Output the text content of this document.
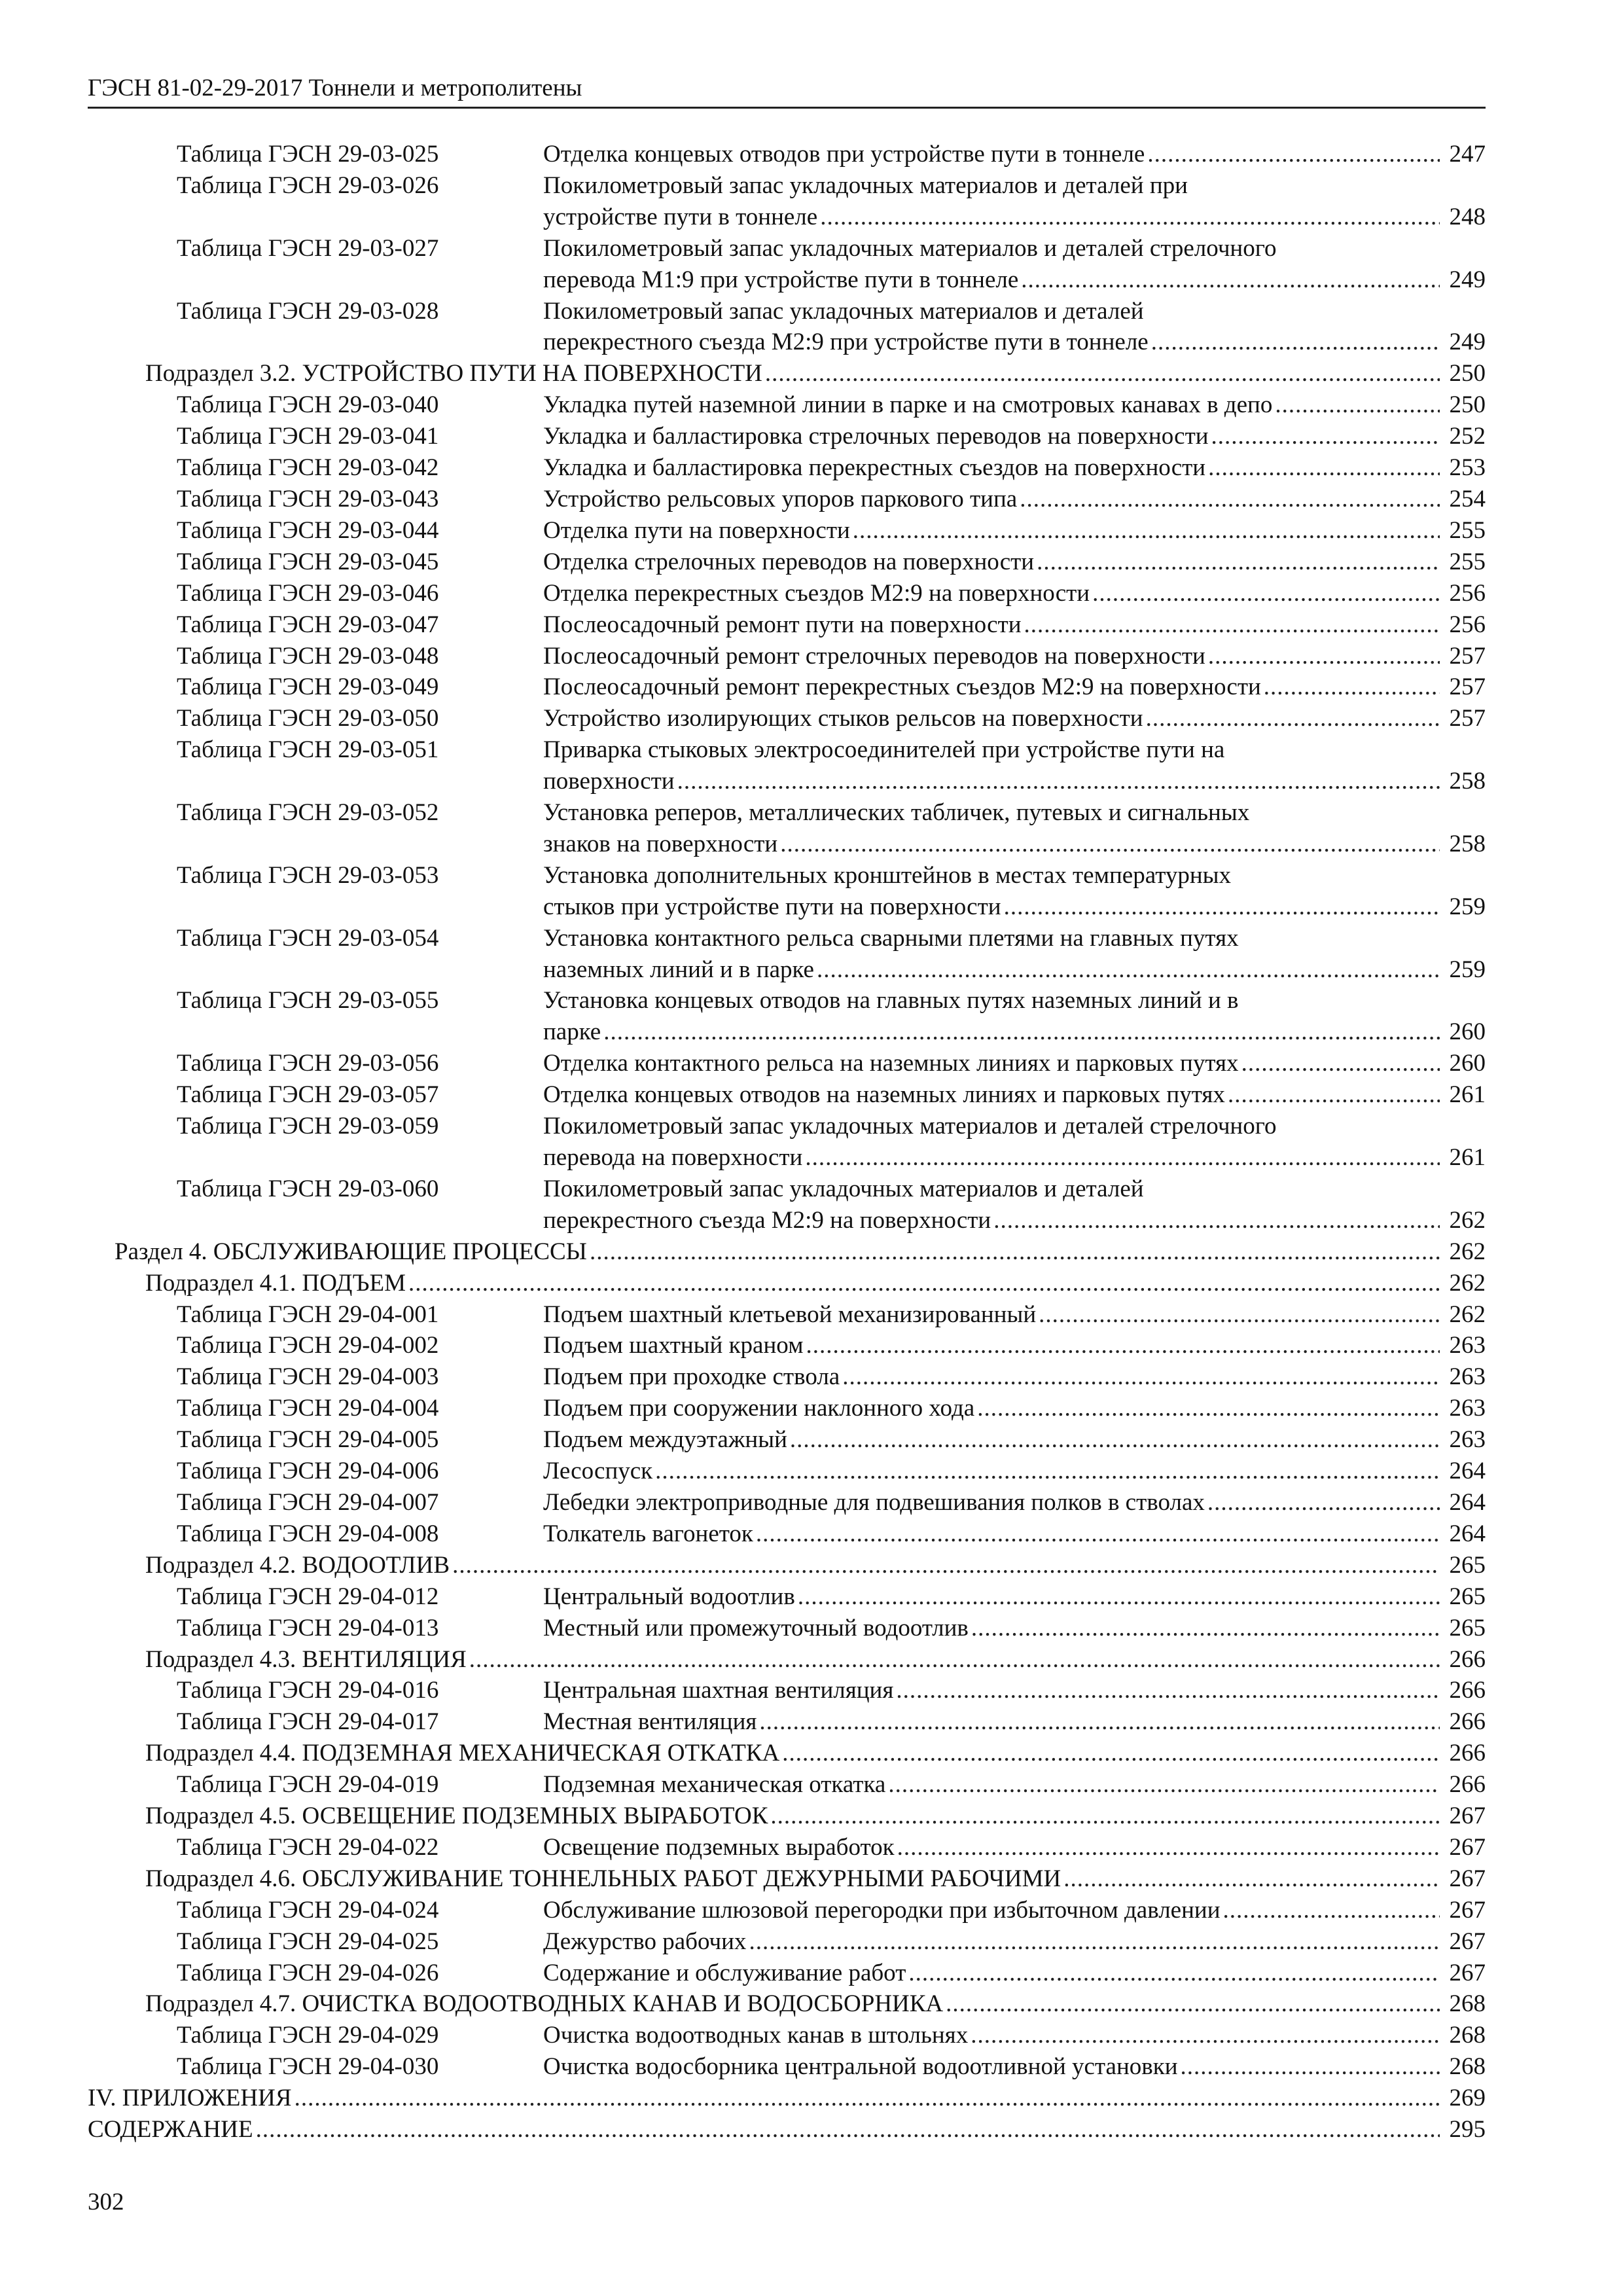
ГЭСН 81-02-29-2017 Тоннели и метрополитены
Таблица ГЭСН 29-03-025	Отделка концевых отводов при устройстве пути в тоннеле .....	247
Таблица ГЭСН 29-03-026	Покилометровый запас укладочных материалов и деталей при
устройстве пути в тоннеле .....	248
Таблица ГЭСН 29-03-027	Покилометровый запас укладочных материалов и деталей стрелочного
перевода М1:9 при устройстве пути в тоннеле .....	249
Таблица ГЭСН 29-03-028	Покилометровый запас укладочных материалов и деталей
перекрестного съезда М2:9 при устройстве пути в тоннеле .....	249
Подраздел 3.2. УСТРОЙСТВО ПУТИ НА ПОВЕРХНОСТИ .....	250
Таблица ГЭСН 29-03-040	Укладка путей наземной линии в парке и на смотровых канавах в депо .....	250
Таблица ГЭСН 29-03-041	Укладка и балластировка стрелочных переводов на поверхности .....	252
Таблица ГЭСН 29-03-042	Укладка и балластировка перекрестных съездов на поверхности .....	253
Таблица ГЭСН 29-03-043	Устройство рельсовых упоров паркового типа .....	254
Таблица ГЭСН 29-03-044	Отделка пути на поверхности .....	255
Таблица ГЭСН 29-03-045	Отделка стрелочных переводов на поверхности .....	255
Таблица ГЭСН 29-03-046	Отделка перекрестных съездов М2:9 на поверхности .....	256
Таблица ГЭСН 29-03-047	Послеосадочный ремонт пути на поверхности .....	256
Таблица ГЭСН 29-03-048	Послеосадочный ремонт стрелочных переводов на поверхности .....	257
Таблица ГЭСН 29-03-049	Послеосадочный ремонт перекрестных съездов М2:9 на поверхности .....	257
Таблица ГЭСН 29-03-050	Устройство изолирующих стыков рельсов на поверхности .....	257
Таблица ГЭСН 29-03-051	Приварка стыковых электросоединителей при устройстве пути на
поверхности .....	258
Таблица ГЭСН 29-03-052	Установка реперов, металлических табличек, путевых и сигнальных
знаков на поверхности .....	258
Таблица ГЭСН 29-03-053	Установка дополнительных кронштейнов в местах температурных
стыков при устройстве пути на поверхности .....	259
Таблица ГЭСН 29-03-054	Установка контактного рельса сварными плетями на главных путях
наземных линий и в парке .....	259
Таблица ГЭСН 29-03-055	Установка концевых отводов на главных путях наземных линий и в
парке .....	260
Таблица ГЭСН 29-03-056	Отделка контактного рельса на наземных линиях и парковых путях .....	260
Таблица ГЭСН 29-03-057	Отделка концевых отводов на наземных линиях и парковых путях .....	261
Таблица ГЭСН 29-03-059	Покилометровый запас укладочных материалов и деталей стрелочного
перевода на поверхности .....	261
Таблица ГЭСН 29-03-060	Покилометровый запас укладочных материалов и деталей
перекрестного съезда М2:9 на поверхности .....	262
Раздел 4. ОБСЛУЖИВАЮЩИЕ ПРОЦЕССЫ .....	262
Подраздел 4.1. ПОДЪЕМ .....	262
Таблица ГЭСН 29-04-001	Подъем шахтный клетьевой механизированный .....	262
Таблица ГЭСН 29-04-002	Подъем шахтный краном .....	263
Таблица ГЭСН 29-04-003	Подъем при проходке ствола .....	263
Таблица ГЭСН 29-04-004	Подъем при сооружении наклонного хода .....	263
Таблица ГЭСН 29-04-005	Подъем междуэтажный .....	263
Таблица ГЭСН 29-04-006	Лесоспуск .....	264
Таблица ГЭСН 29-04-007	Лебедки электроприводные для подвешивания полков в стволах .....	264
Таблица ГЭСН 29-04-008	Толкатель вагонеток .....	264
Подраздел 4.2. ВОДООТЛИВ .....	265
Таблица ГЭСН 29-04-012	Центральный водоотлив .....	265
Таблица ГЭСН 29-04-013	Местный или промежуточный водоотлив .....	265
Подраздел 4.3. ВЕНТИЛЯЦИЯ .....	266
Таблица ГЭСН 29-04-016	Центральная шахтная вентиляция .....	266
Таблица ГЭСН 29-04-017	Местная вентиляция .....	266
Подраздел 4.4. ПОДЗЕМНАЯ МЕХАНИЧЕСКАЯ ОТКАТКА .....	266
Таблица ГЭСН 29-04-019	Подземная механическая откатка .....	266
Подраздел 4.5. ОСВЕЩЕНИЕ ПОДЗЕМНЫХ ВЫРАБОТОК .....	267
Таблица ГЭСН 29-04-022	Освещение подземных выработок .....	267
Подраздел 4.6. ОБСЛУЖИВАНИЕ ТОННЕЛЬНЫХ РАБОТ ДЕЖУРНЫМИ РАБОЧИМИ .....	267
Таблица ГЭСН 29-04-024	Обслуживание шлюзовой перегородки при избыточном давлении .....	267
Таблица ГЭСН 29-04-025	Дежурство рабочих .....	267
Таблица ГЭСН 29-04-026	Содержание и обслуживание работ .....	267
Подраздел 4.7. ОЧИСТКА ВОДООТВОДНЫХ КАНАВ И ВОДОСБОРНИКА .....	268
Таблица ГЭСН 29-04-029	Очистка водоотводных канав в штольнях .....	268
Таблица ГЭСН 29-04-030	Очистка водосборника центральной водоотливной установки .....	268
IV. ПРИЛОЖЕНИЯ .....	269
СОДЕРЖАНИЕ .....	295
302
